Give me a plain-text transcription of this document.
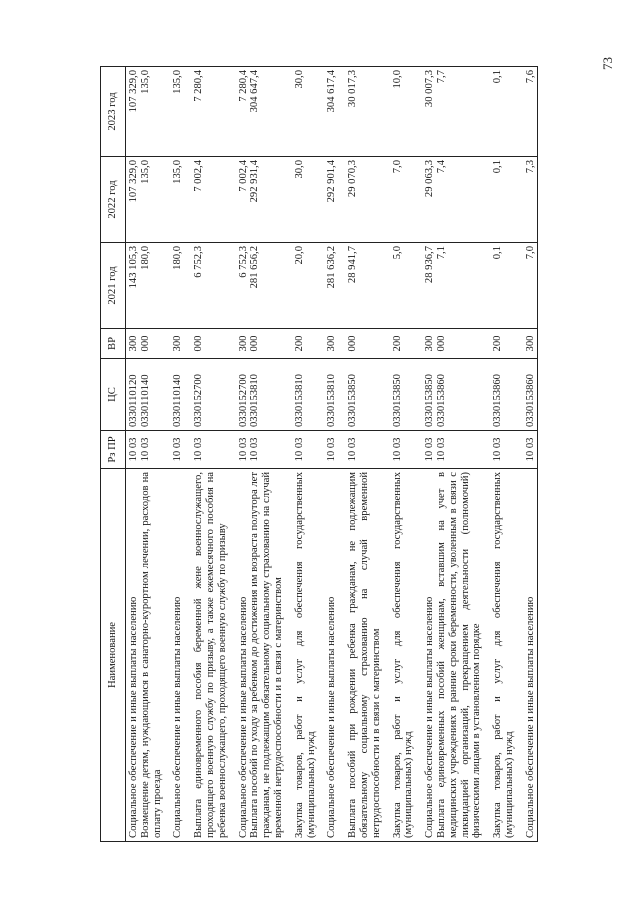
73
Наименование	Рз ПР	ЦС	ВР	2021 год	2022 год	2023 год
Социальное обеспечение и иные выплаты населению	10 03	0330110120	300	143 105,3	107 329,0	107 329,0
Возмещение детям, нуждающимся в санаторно-курортном лечении, расходов на оплату проезда	10 03	0330110140	000	180,0	135,0	135,0
Социальное обеспечение и иные выплаты населению	10 03	0330110140	300	180,0	135,0	135,0
Выплата единовременного пособия беременной жене военнослужащего, проходящего военную службу по призыву, а также ежемесячного пособия на ребенка военнослужащего, проходящего военную службу по призыву	10 03	0330152700	000	6 752,3	7 002,4	7 280,4
Социальное обеспечение и иные выплаты населению	10 03	0330152700	300	6 752,3	7 002,4	7 280,4
Выплата пособий по уходу за ребенком до достижения им возраста полутора лет гражданам, не подлежащим обязательному социальному страхованию на случай временной нетрудоспособности и в связи с материнством	10 03	0330153810	000	281 656,2	292 931,4	304 647,4
Закупка товаров, работ и услуг для обеспечения государственных (муниципальных) нужд	10 03	0330153810	200	20,0	30,0	30,0
Социальное обеспечение и иные выплаты населению	10 03	0330153810	300	281 636,2	292 901,4	304 617,4
Выплата пособий при рождении ребенка гражданам, не подлежащим обязательному социальному страхованию на случай временной нетрудоспособности и в связи с материнством	10 03	0330153850	000	28 941,7	29 070,3	30 017,3
Закупка товаров, работ и услуг для обеспечения государственных (муниципальных) нужд	10 03	0330153850	200	5,0	7,0	10,0
Социальное обеспечение и иные выплаты населению	10 03	0330153850	300	28 936,7	29 063,3	30 007,3
Выплата единовременных пособий женщинам, вставшим на учет в медицинских учреждениях в ранние сроки беременности, уволенным в связи с ликвидацией организаций, прекращением деятельности (полномочий) физическими лицами в установленном порядке	10 03	0330153860	000	7,1	7,4	7,7
Закупка товаров, работ и услуг для обеспечения государственных (муниципальных) нужд	10 03	0330153860	200	0,1	0,1	0,1
Социальное обеспечение и иные выплаты населению	10 03	0330153860	300	7,0	7,3	7,6
